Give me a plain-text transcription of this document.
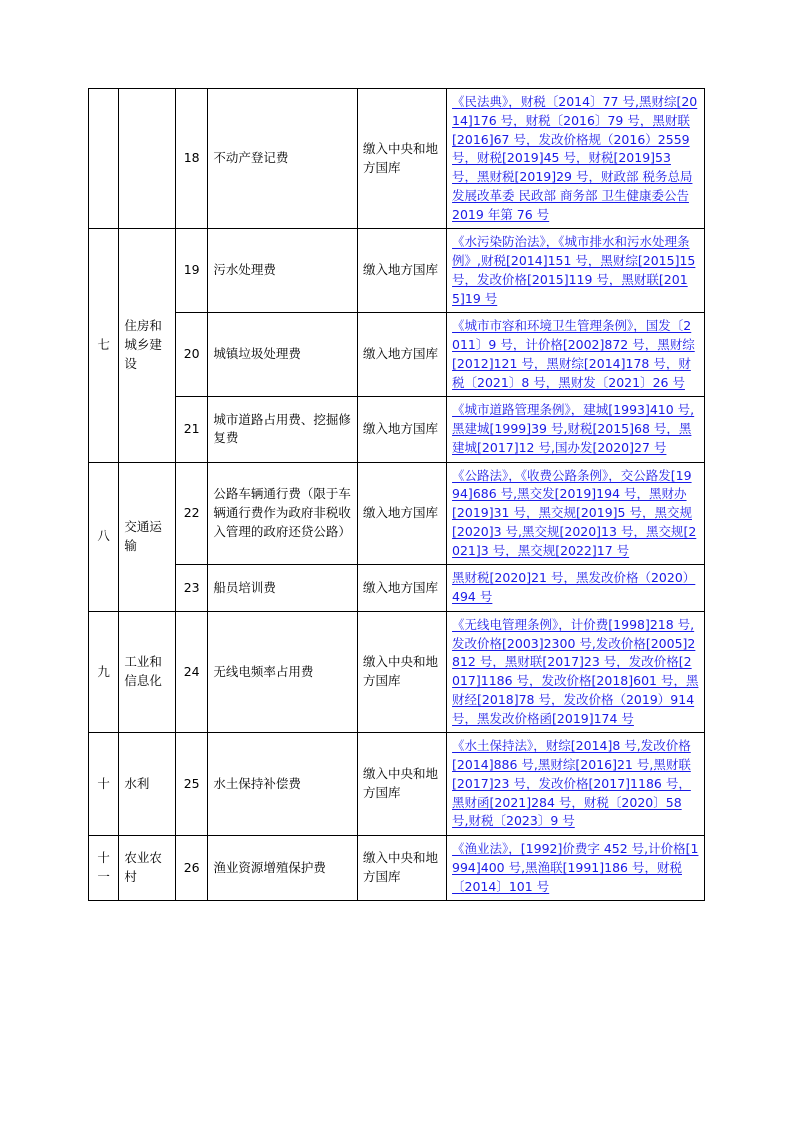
		18	不动产登记费	缴入中央和地方国库	《民法典》，财税〔2014〕77 号,黑财综[2014]176 号，财税〔2016〕79 号，黑财联[2016]67 号，发改价格规（2016）2559 号，财税[2019]45 号，财税[2019]53 号，黑财税[2019]29 号，财政部 税务总局 发展改革委 民政部 商务部 卫生健康委公告 2019 年第 76 号
七	住房和城乡建设	19	污水处理费	缴入地方国库	《水污染防治法》，《城市排水和污水处理条例》,财税[2014]151 号，黑财综[2015]15 号，发改价格[2015]119 号，黑财联[2015]19 号
		20	城镇垃圾处理费	缴入地方国库	《城市市容和环境卫生管理条例》，国发〔2011〕9 号，计价格[2002]872 号，黑财综[2012]121 号，黑财综[2014]178 号，财税〔2021〕8 号，黑财发〔2021〕26 号
		21	城市道路占用费、挖掘修复费	缴入地方国库	《城市道路管理条例》，建城[1993]410 号,黑建城[1999]39 号,财税[2015]68 号，黑建城[2017]12 号,国办发[2020]27 号
八	交通运输	22	公路车辆通行费（限于车辆通行费作为政府非税收入管理的政府还贷公路）	缴入地方国库	《公路法》，《收费公路条例》，交公路发[1994]686 号,黑交发[2019]194 号，黑财办[2019]31 号，黑交规[2019]5 号，黑交规[2020]3 号,黑交规[2020]13 号，黑交规[2021]3 号，黑交规[2022]17 号
		23	船员培训费	缴入地方国库	黑财税[2020]21 号，黑发改价格（2020）494 号
九	工业和信息化	24	无线电频率占用费	缴入中央和地方国库	《无线电管理条例》，计价费[1998]218 号,发改价格[2003]2300 号,发改价格[2005]2812 号，黑财联[2017]23 号，发改价格[2017]1186 号，发改价格[2018]601 号，黑财经[2018]78 号，发改价格（2019）914 号，黑发改价格函[2019]174 号
十	水利	25	水土保持补偿费	缴入中央和地方国库	《水土保持法》，财综[2014]8 号,发改价格[2014]886 号,黑财综[2016]21 号,黑财联[2017]23 号，发改价格[2017]1186 号，黑财函[2021]284 号，财税〔2020〕58 号,财税〔2023〕9 号
十一	农业农村	26	渔业资源增殖保护费	缴入中央和地方国库	《渔业法》，[1992]价费字 452 号,计价格[1994]400 号,黑渔联[1991]186 号，财税〔2014〕101 号
